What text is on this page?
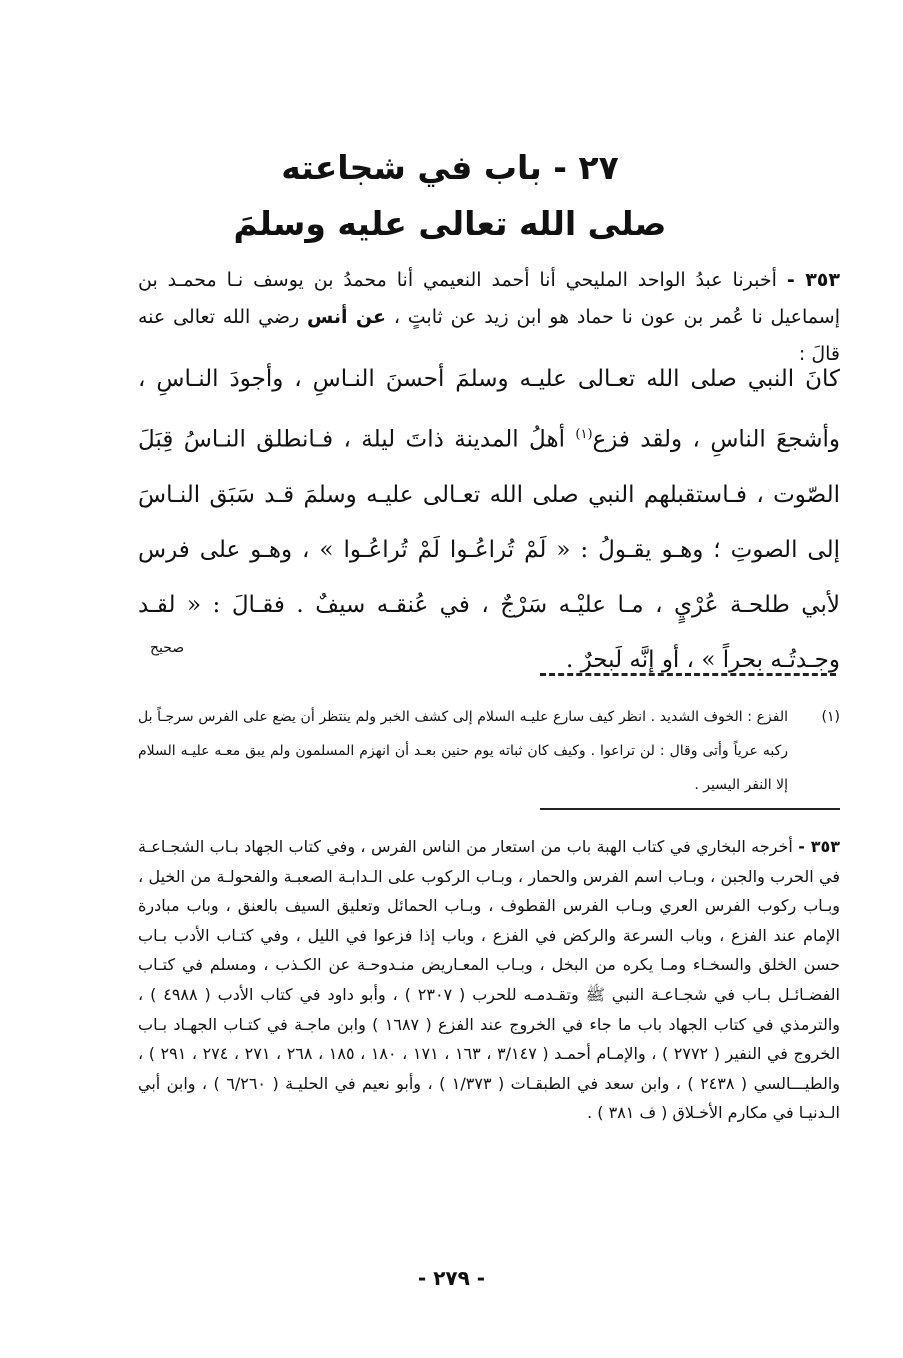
٢٧ - باب في شجاعته
صلى الله تعالى عليه وسلمَ
٣٥٣ - أخبرنا عبدُ الواحد المليحي أنا أحمد النعيمي أنا محمدُ بن يوسف نـا محمـد بن إسماعيل نا عُمر بن عون نا حماد هو ابن زيد عن ثابتٍ ، عن أنس رضي الله تعالى عنه قالَ :
كانَ النبي صلى الله تعـالى عليـه وسلمَ أحسنَ النـاسِ ، وأجودَ النـاسِ ، وأشجعَ الناسِ ، ولقد فزع$^{(١)}$ أهلُ المدينة ذاتَ ليلة ، فـانطلق النـاسُ قِبَلَ الصّوت ، فـاستقبلهم النبي صلى الله تعـالى عليـه وسلمَ قـد سَبَق النـاسَ إلى الصوتِ ؛ وهـو يقـولُ : « لَمْ تُراعُـوا لَمْ تُراعُـوا » ، وهـو على فرس لأبي طلحـة عُرْيٍ ، مـا عليْـه سَرْجٌ ، في عُنقـه سيفٌ . فقـالَ : « لقـد وجـدتُـه بحراً » ، أو إنَّه لَبحرٌ .
صحيح
(١)
الفزع : الخوف الشديد . انظر كيف سارع عليـه السلام إلى كشف الخبر ولم ينتظر أن يضع على الفرس سرجـاً بل ركبه عرياً وأتى وقال : لن تراعوا . وكيف كان ثباته يوم حنين بعـد أن انهزم المسلمون ولم يبق معـه عليـه السلام إلا النفر اليسير .
٣٥٣ - أخرجه البخاري في كتاب الهبة باب من استعار من الناس الفرس ، وفي كتاب الجهاد بـاب الشجـاعـة في الحرب والجبن ، وبـاب اسم الفرس والحمار ، وبـاب الركوب على الـدابـة الصعبـة والفحولـة من الخيل ، وبـاب ركوب الفرس العري وبـاب الفرس القطوف ، وبـاب الحمائل وتعليق السيف بالعنق ، وباب مبادرة الإمام عند الفزع ، وباب السرعة والركض في الفزع ، وباب إذا فزعوا في الليل ، وفي كتـاب الأدب بـاب حسن الخلق والسخـاء ومـا يكره من البخل ، وبـاب المعـاريض منـدوحـة عن الكـذب ، ومسلم في كتـاب الفضـائـل بـاب في شجـاعـة النبي ﷺ وتقـدمـه للحرب ( ٢٣٠٧ ) ، وأبو داود في كتاب الأدب ( ٤٩٨٨ ) ، والترمذي في كتاب الجهاد باب ما جاء في الخروج عند الفزع ( ١٦٨٧ ) وابن ماجـة في كتـاب الجهـاد بـاب الخروج في النفير ( ٢٧٧٢ ) ، والإمـام أحمـد ( ٣/١٤٧ ، ١٦٣ ، ١٧١ ، ١٨٠ ، ١٨٥ ، ٢٦٨ ، ٢٧١ ، ٢٧٤ ، ٢٩١ ) ، والطيـــالسي ( ٢٤٣٨ ) ، وابن سعد في الطبقـات ( ١/٣٧٣ ) ، وأبو نعيم في الحليـة ( ٦/٢٦٠ ) ، وابن أبي الـدنيـا في مكارم الأخـلاق ( ف ٣٨١ ) .
- ٢٧٩ -
